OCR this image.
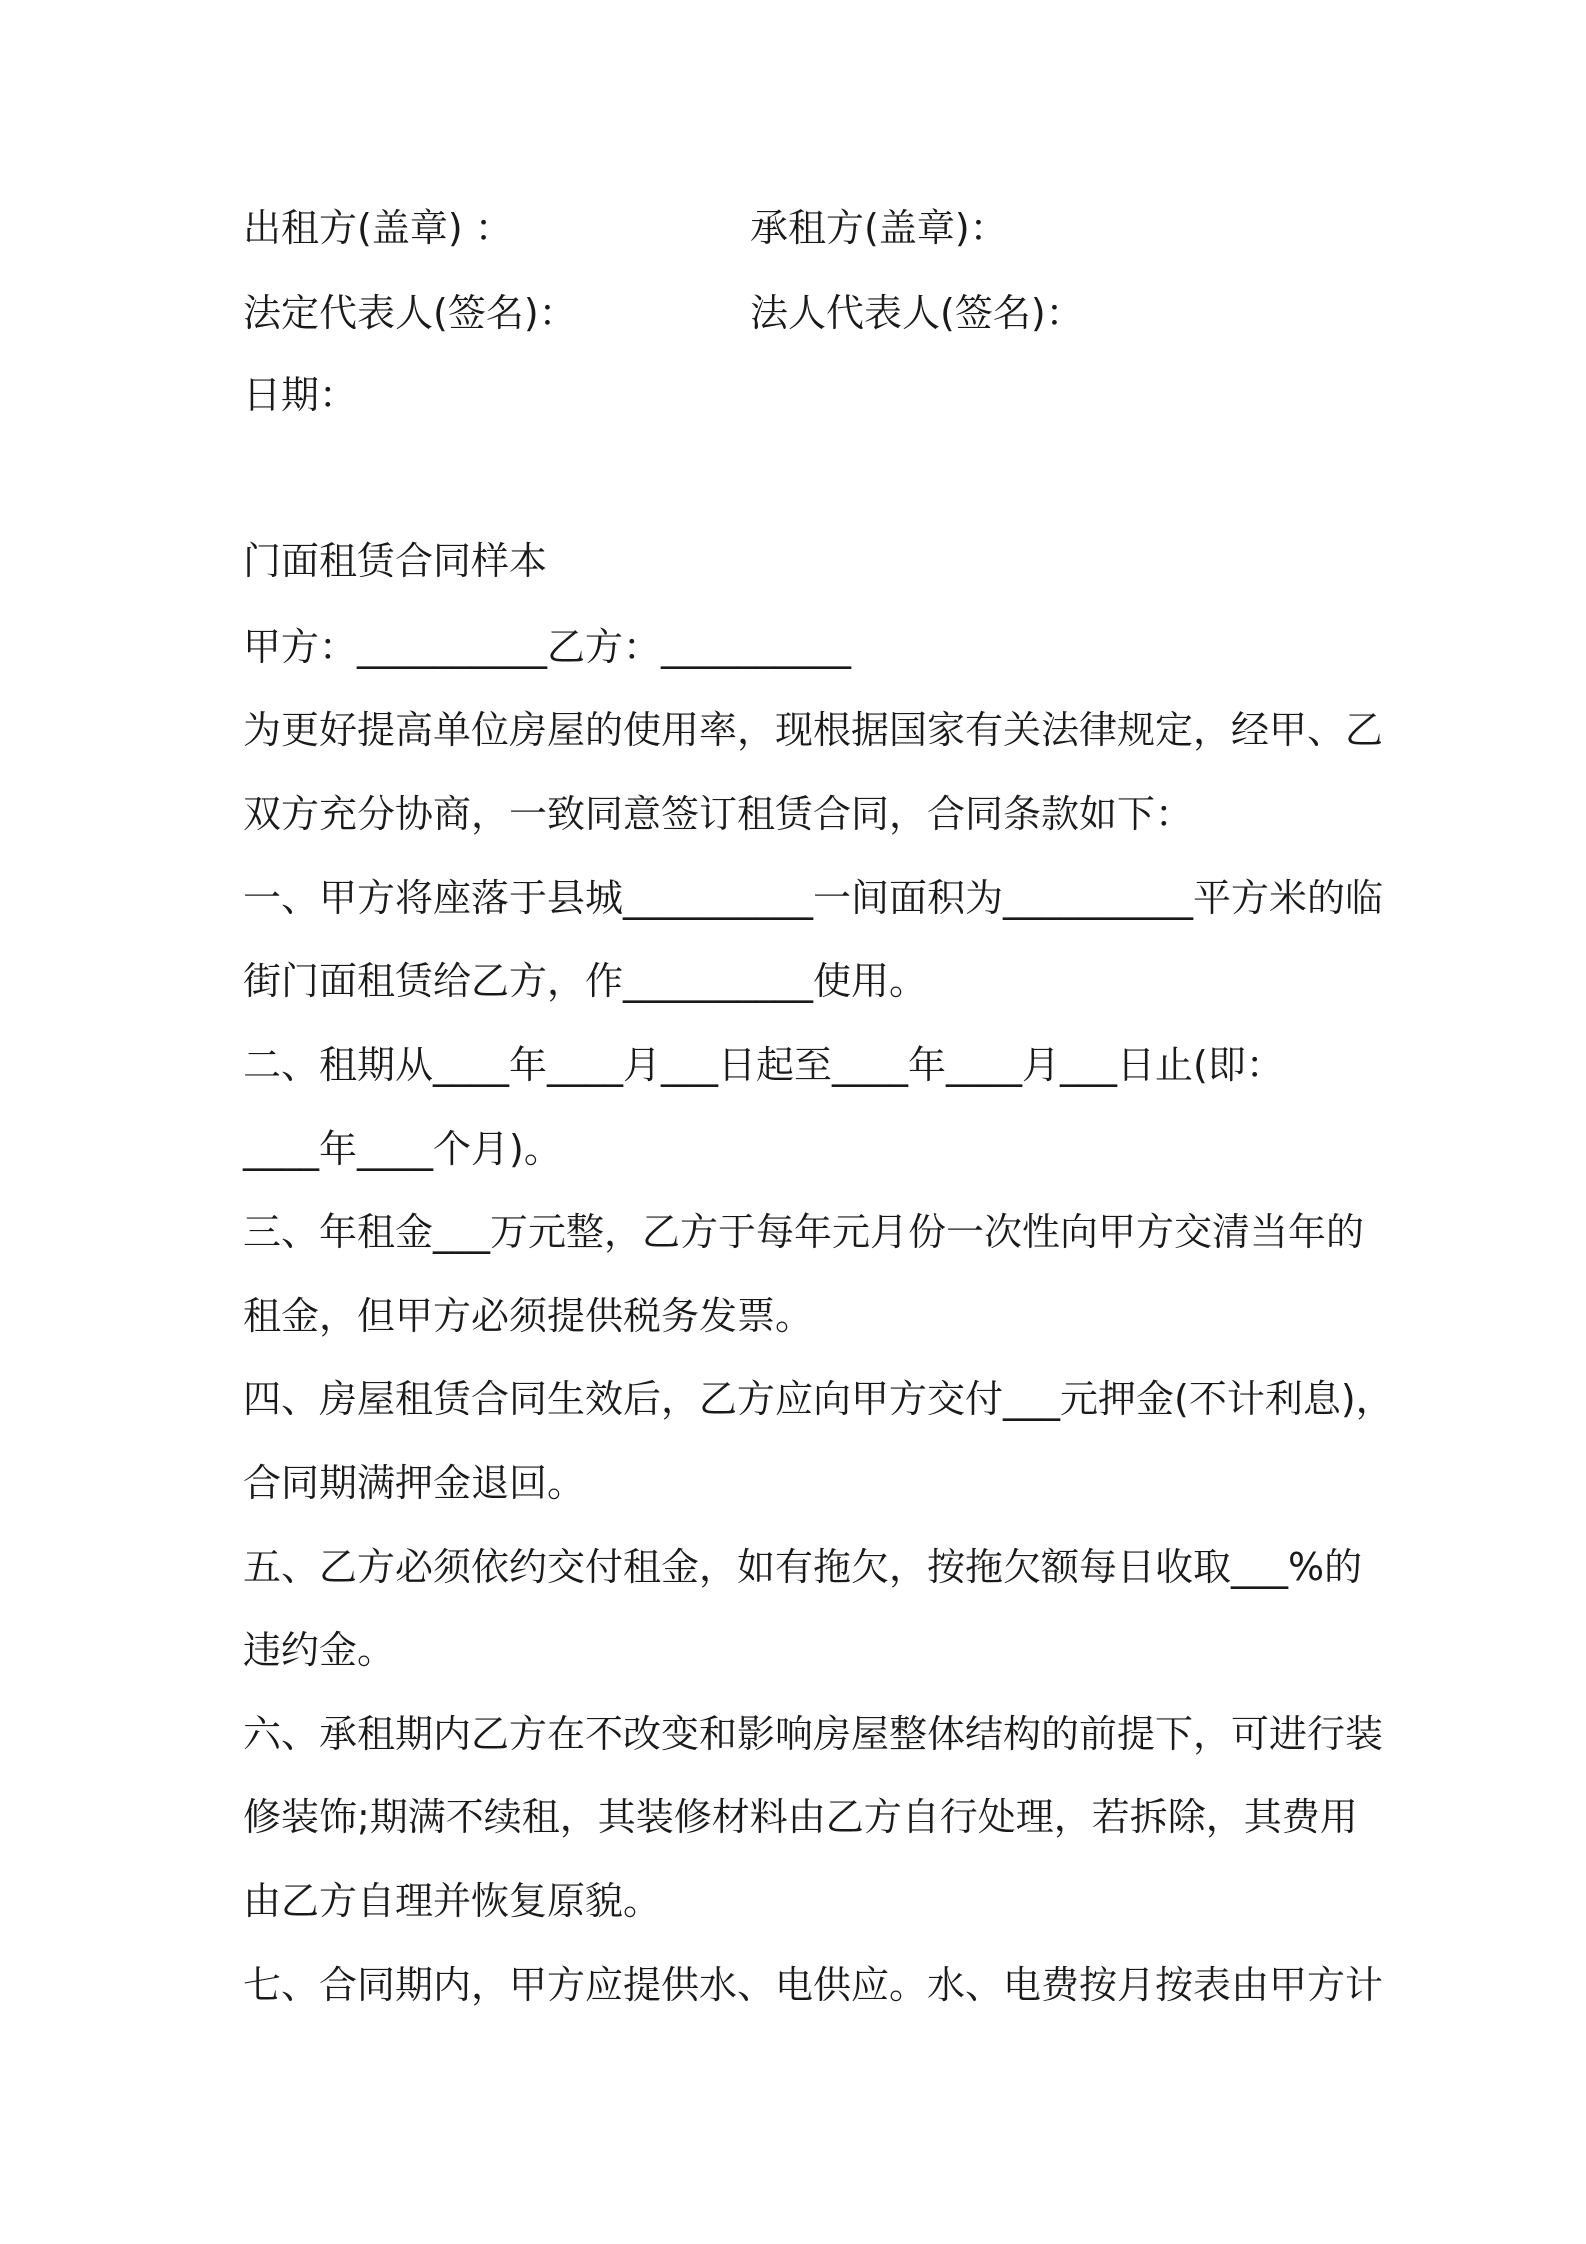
出租方(盖章) ：	承租方(盖章)：
法定代表人(签名)：	法人代表人(签名)：
日期：
门面租赁合同样本
甲方：__________乙方：__________
为更好提高单位房屋的使用率，现根据国家有关法律规定，经甲、乙
双方充分协商，一致同意签订租赁合同，合同条款如下：
一、甲方将座落于县城__________一间面积为__________平方米的临
街门面租赁给乙方，作__________使用。
二、租期从____年____月___日起至____年____月___日止(即：
____年____个月)。
三、年租金___万元整，乙方于每年元月份一次性向甲方交清当年的
租金，但甲方必须提供税务发票。
四、房屋租赁合同生效后，乙方应向甲方交付___元押金(不计利息)，
合同期满押金退回。
五、乙方必须依约交付租金，如有拖欠，按拖欠额每日收取___%的
违约金。
六、承租期内乙方在不改变和影响房屋整体结构的前提下，可进行装
修装饰;期满不续租，其装修材料由乙方自行处理，若拆除，其费用
由乙方自理并恢复原貌。
七、合同期内，甲方应提供水、电供应。水、电费按月按表由甲方计
